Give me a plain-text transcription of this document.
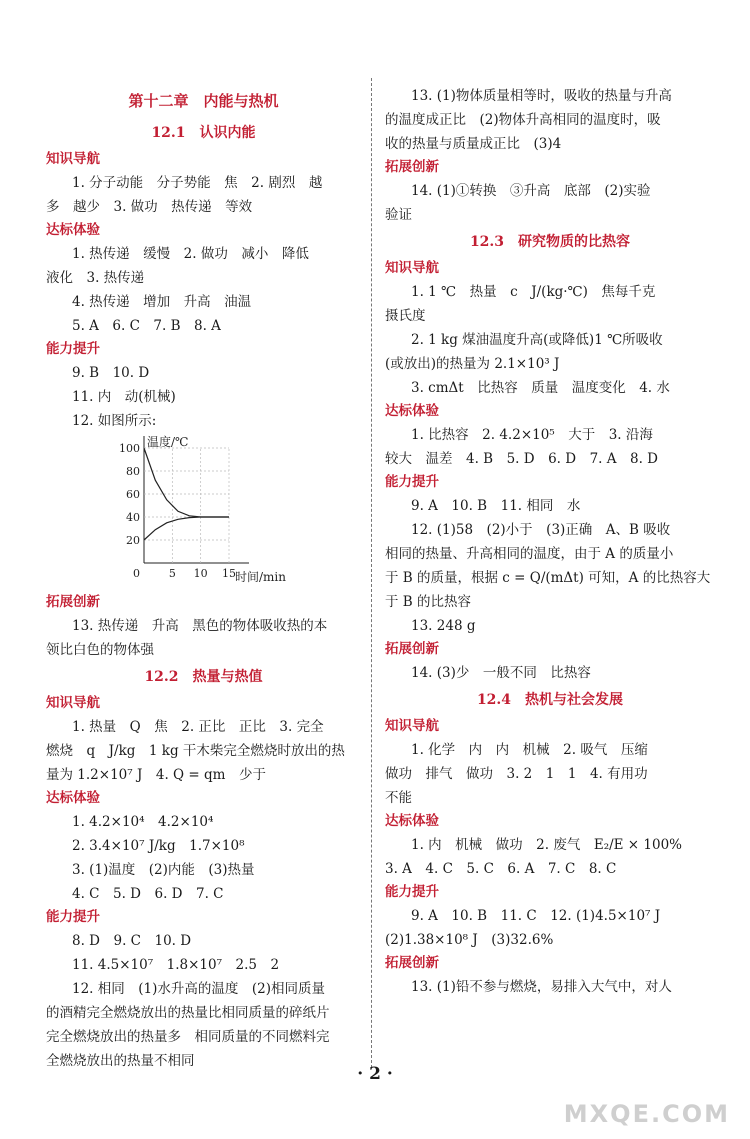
第十二章　内能与热机
12.1　认识内能
知识导航
1. 分子动能　分子势能　焦　2. 剧烈　越
多　越少　3. 做功　热传递　等效
达标体验
1. 热传递　缓慢　2. 做功　减小　降低
液化　3. 热传递
4. 热传递　增加　升高　油温
5. A　6. C　7. B　8. A
能力提升
9. B　10. D
11. 内　动(机械)
12. 如图所示:
20
40
60
80
100
5 10 15
0
温度/℃
时间/min
拓展创新
13. 热传递　升高　黑色的物体吸收热的本
领比白色的物体强
12.2　热量与热值
知识导航
1. 热量　Q　焦　2. 正比　正比　3. 完全
燃烧　q　J/kg　1 kg 干木柴完全燃烧时放出的热
量为 1.2×10⁷ J　4. Q = qm　少于
达标体验
1. 4.2×10⁴　4.2×10⁴
2. 3.4×10⁷ J/kg　1.7×10⁸
3. (1)温度　(2)内能　(3)热量
4. C　5. D　6. D　7. C
能力提升
8. D　9. C　10. D
11. 4.5×10⁷　1.8×10⁷　2.5　2
12. 相同　(1)水升高的温度　(2)相同质量
的酒精完全燃烧放出的热量比相同质量的碎纸片
完全燃烧放出的热量多　相同质量的不同燃料完
全燃烧放出的热量不相同
13. (1)物体质量相等时，吸收的热量与升高
的温度成正比　(2)物体升高相同的温度时，吸
收的热量与质量成正比　(3)4
拓展创新
14. (1)①转换　③升高　底部　(2)实验
验证
12.3　研究物质的比热容
知识导航
1. 1 ℃　热量　c　J/(kg·℃)　焦每千克
摄氏度
2. 1 kg 煤油温度升高(或降低)1 ℃所吸收
(或放出)的热量为 2.1×10³ J
3. cmΔt　比热容　质量　温度变化　4. 水
达标体验
1. 比热容　2. 4.2×10⁵　大于　3. 沿海
较大　温差　4. B　5. D　6. D　7. A　8. D
能力提升
9. A　10. B　11. 相同　水
12. (1)58　(2)小于　(3)正确　A、B 吸收
相同的热量、升高相同的温度，由于 A 的质量小
于 B 的质量，根据 c = Q/(mΔt) 可知，A 的比热容大
于 B 的比热容
13. 248 g
拓展创新
14. (3)少　一般不同　比热容
12.4　热机与社会发展
知识导航
1. 化学　内　内　机械　2. 吸气　压缩
做功　排气　做功　3. 2　1　1　4. 有用功
不能
达标体验
1. 内　机械　做功　2. 废气　E₂/E × 100%
3. A　4. C　5. C　6. A　7. C　8. C
能力提升
9. A　10. B　11. C　12. (1)4.5×10⁷ J
(2)1.38×10⁸ J　(3)32.6%
拓展创新
13. (1)铅不参与燃烧，易排入大气中，对人
· 2 ·
MXQE.COM
